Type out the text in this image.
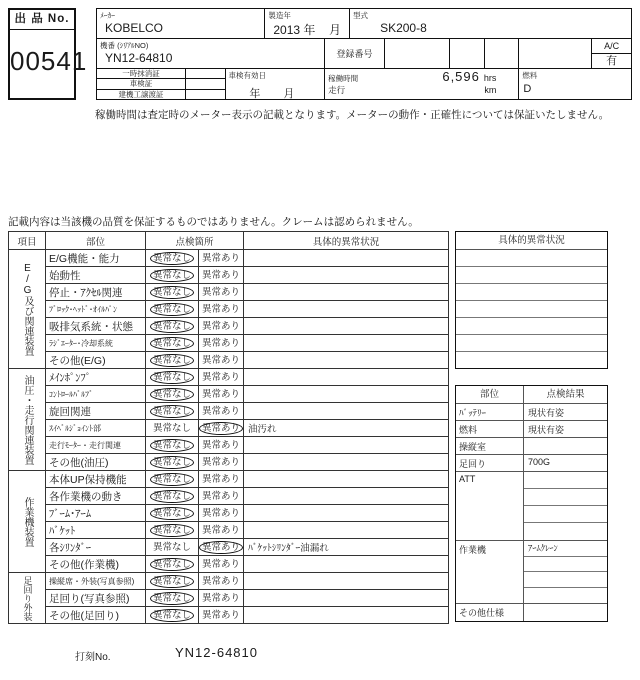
出 品 No.
00541
ﾒｰｶｰ
KOBELCO
製造年
2013 年 月
型式
SK200-8
機番 (ｼﾘｱﾙNO)
YN12-64810	登録番号
A/C
有
一時抹消証
車検証
建機工譲渡証
車検有効日
年　月
稼働時間	6,596 hrs
走行	km
燃料
D
稼働時間は査定時のメーター表示の記載となります。メーターの動作・正確性については保証いたしません。
記載内容は当該機の品質を保証するものではありません。クレームは認められません。
項目	部位	点検箇所		具体的異常状況

E/G及び関連装置	E/G機能・能力	異常なし	異常あり	
	始動性	異常なし	異常あり	
	停止・ｱｸｾﾙ関連	異常なし	異常あり	
	ﾌﾞﾛｯｸ･ﾍｯﾄﾞ･ｵｲﾙﾊﾟﾝ	異常なし	異常あり	
	吸排気系統・状態	異常なし	異常あり	
	ﾗｼﾞｴｰﾀｰ･冷却系統	異常なし	異常あり	
	その他(E/G)	異常なし	異常あり	

油圧・走行関連装置	ﾒｲﾝﾎﾟﾝﾌﾟ	異常なし	異常あり	
	ｺﾝﾄﾛｰﾙﾊﾞﾙﾌﾞ	異常なし	異常あり	
	旋回関連	異常なし	異常あり	
	ｽｲﾍﾞﾙｼﾞｮｲﾝﾄ部	異常なし	異常あり	油汚れ
	走行ﾓｰﾀｰ・走行関連	異常なし	異常あり	
	その他(油圧)	異常なし	異常あり	

作業機装置	本体UP保持機能	異常なし	異常あり	
	各作業機の動き	異常なし	異常あり	
	ﾌﾞｰﾑ･ｱｰﾑ	異常なし	異常あり	
	ﾊﾞｹｯﾄ	異常なし	異常あり	
	各ｼﾘﾝﾀﾞｰ	異常なし	異常あり	ﾊﾞｹｯﾄｼﾘﾝﾀﾞｰ油漏れ
	その他(作業機)	異常なし	異常あり	

足回り外装	操縦席・外装(写真参照)	異常なし	異常あり	
	足回り(写真参照)	異常なし	異常あり	
	その他(足回り)	異常なし	異常あり	
具体的異常状況
部位	点検結果
ﾊﾞｯﾃﾘｰ	現状有姿
燃料	現状有姿
操縦室
足回り	700G
ATT
作業機	ｱｰﾑｸﾚｰﾝ
その他仕様
打刻No.	YN12-64810
